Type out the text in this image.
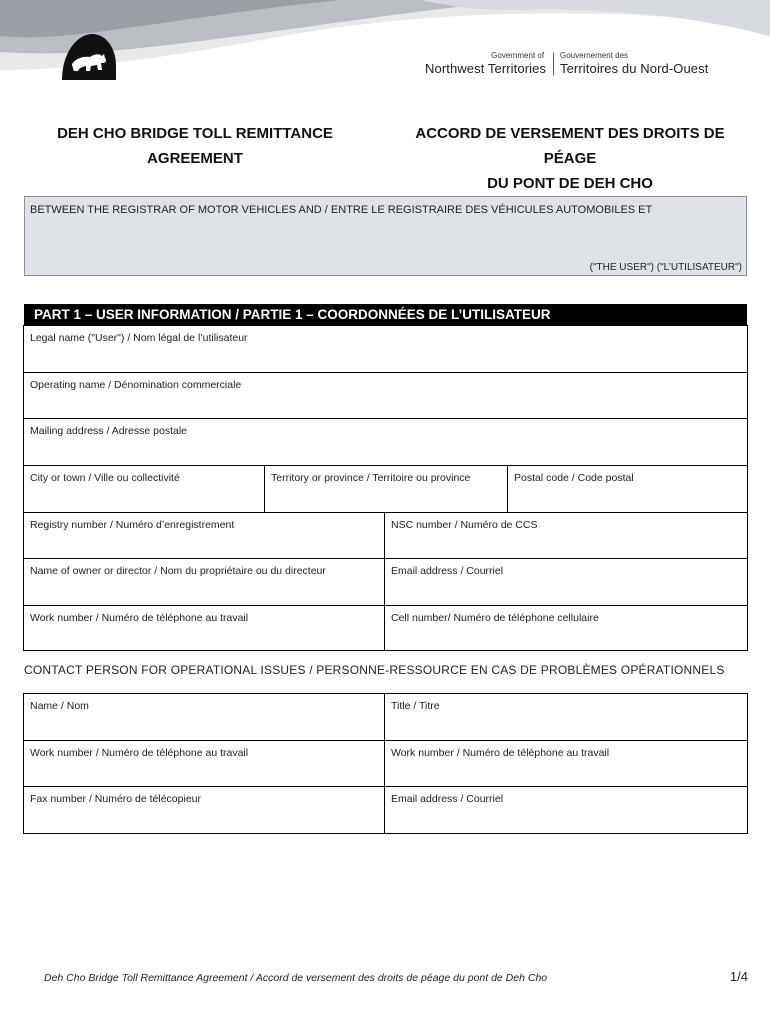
Government of
Northwest Territories
Gouvernement des
Territoires du Nord-Ouest
DEH CHO BRIDGE TOLL REMITTANCE
AGREEMENT
ACCORD DE VERSEMENT DES DROITS DE PÉAGE
DU PONT DE DEH CHO
BETWEEN THE REGISTRAR OF MOTOR VEHICLES AND / ENTRE LE REGISTRAIRE DES VÉHICULES AUTOMOBILES ET
("THE USER") ("L’UTILISATEUR")
PART 1 – USER INFORMATION / PARTIE 1 – COORDONNÉES DE L’UTILISATEUR
Legal name ("User") / Nom légal de l’utilisateur
Operating name / Dénomination commerciale
Mailing address / Adresse postale
City or town / Ville ou collectivité	Territory or province / Territoire ou province	Postal code / Code postal
Registry number / Numéro d’enregistrement	NSC number / Numéro de CCS
Name of owner or director / Nom du propriétaire ou du directeur	Email address / Courriel
Work number / Numéro de téléphone au travail	Cell number/ Numéro de téléphone cellulaire
CONTACT PERSON FOR OPERATIONAL ISSUES / PERSONNE-RESSOURCE EN CAS DE PROBLÈMES OPÉRATIONNELS
Name / Nom	Title / Titre
Work number / Numéro de téléphone au travail	Work number / Numéro de téléphone au travail
Fax number / Numéro de télécopieur	Email address / Courriel
Deh Cho Bridge Toll Remittance Agreement / Accord de versement des droits de péage du pont de Deh Cho	1/4
